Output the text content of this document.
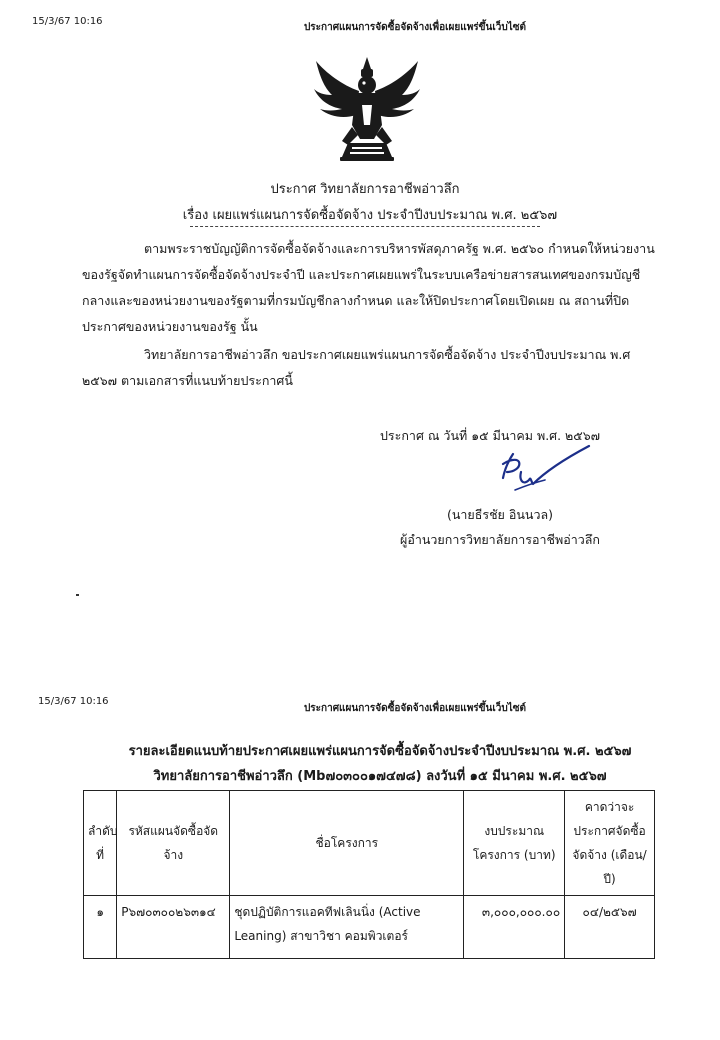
15/3/67 10:16
ประกาศแผนการจัดซื้อจัดจ้างเพื่อเผยแพร่ขึ้นเว็บไซต์
ประกาศ วิทยาลัยการอาชีพอ่าวลึก
เรื่อง เผยแพร่แผนการจัดซื้อจัดจ้าง ประจำปีงบประมาณ พ.ศ. ๒๕๖๗
ตามพระราชบัญญัติการจัดซื้อจัดจ้างและการบริหารพัสดุภาครัฐ พ.ศ. ๒๕๖๐ กำหนดให้หน่วยงานของรัฐจัดทำแผนการจัดซื้อจัดจ้างประจำปี และประกาศเผยแพร่ในระบบเครือข่ายสารสนเทศของกรมบัญชีกลางและของหน่วยงานของรัฐตามที่กรมบัญชีกลางกำหนด และให้ปิดประกาศโดยเปิดเผย ณ สถานที่ปิดประกาศของหน่วยงานของรัฐ นั้น
วิทยาลัยการอาชีพอ่าวลึก ขอประกาศเผยแพร่แผนการจัดซื้อจัดจ้าง ประจำปีงบประมาณ พ.ศ ๒๕๖๗ ตามเอกสารที่แนบท้ายประกาศนี้
ประกาศ ณ วันที่ ๑๕ มีนาคม พ.ศ. ๒๕๖๗
(นายธีรชัย อินนวล)
ผู้อำนวยการวิทยาลัยการอาชีพอ่าวลึก
15/3/67 10:16
ประกาศแผนการจัดซื้อจัดจ้างเพื่อเผยแพร่ขึ้นเว็บไซต์
รายละเอียดแนบท้ายประกาศเผยแพร่แผนการจัดซื้อจัดจ้างประจำปีงบประมาณ พ.ศ. ๒๕๖๗
วิทยาลัยการอาชีพอ่าวลึก (Mb๗๐๓๐๐๑๗๔๗๘) ลงวันที่ ๑๕ มีนาคม พ.ศ. ๒๕๖๗
ลำดับที่	รหัสแผนจัดซื้อจัดจ้าง	ชื่อโครงการ	งบประมาณโครงการ (บาท)	คาดว่าจะประกาศจัดซื้อจัดจ้าง (เดือน/ปี)
๑	P๖๗๐๓๐๐๒๖๓๑๔	ชุดปฏิบัติการแอคทีฟเลินนิ่ง (Active Leaning) สาขาวิชา คอมพิวเตอร์	๓,๐๐๐,๐๐๐.๐๐	๐๔/๒๕๖๗
